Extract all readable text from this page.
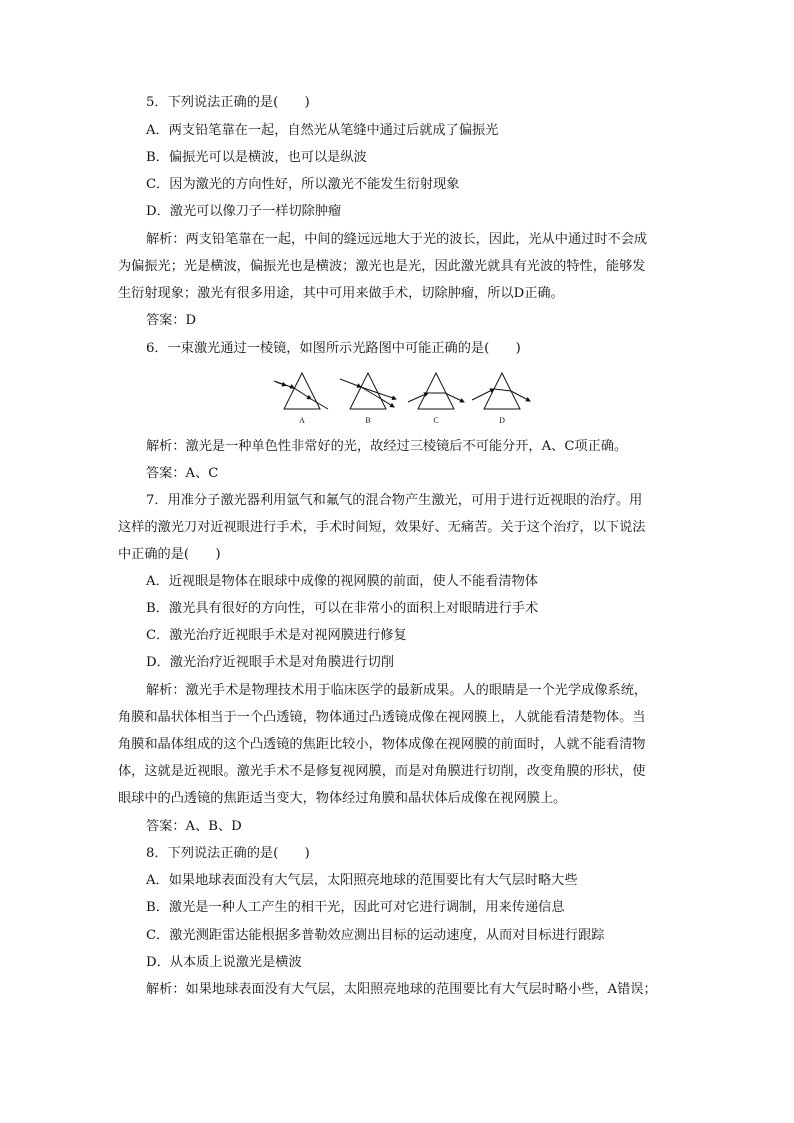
5．下列说法正确的是(　　)
A．两支铅笔靠在一起，自然光从笔缝中通过后就成了偏振光
B．偏振光可以是横波，也可以是纵波
C．因为激光的方向性好，所以激光不能发生衍射现象
D．激光可以像刀子一样切除肿瘤
解析：两支铅笔靠在一起，中间的缝远远地大于光的波长，因此，光从中通过时不会成
为偏振光；光是横波，偏振光也是横波；激光也是光，因此激光就具有光波的特性，能够发
生衍射现象；激光有很多用途，其中可用来做手术，切除肿瘤，所以D正确。
答案：D
6．一束激光通过一棱镜，如图所示光路图中可能正确的是(　　)
A	B	C	D
解析：激光是一种单色性非常好的光，故经过三棱镜后不可能分开，A、C项正确。
答案：A、C
7．用准分子激光器利用氩气和氟气的混合物产生激光，可用于进行近视眼的治疗。用
这样的激光刀对近视眼进行手术，手术时间短，效果好、无痛苦。关于这个治疗，以下说法
中正确的是(　　)
A．近视眼是物体在眼球中成像的视网膜的前面，使人不能看清物体
B．激光具有很好的方向性，可以在非常小的面积上对眼睛进行手术
C．激光治疗近视眼手术是对视网膜进行修复
D．激光治疗近视眼手术是对角膜进行切削
解析：激光手术是物理技术用于临床医学的最新成果。人的眼睛是一个光学成像系统，
角膜和晶状体相当于一个凸透镜，物体通过凸透镜成像在视网膜上，人就能看清楚物体。当
角膜和晶体组成的这个凸透镜的焦距比较小，物体成像在视网膜的前面时，人就不能看清物
体，这就是近视眼。激光手术不是修复视网膜，而是对角膜进行切削，改变角膜的形状，使
眼球中的凸透镜的焦距适当变大，物体经过角膜和晶状体后成像在视网膜上。
答案：A、B、D
8．下列说法正确的是(　　)
A．如果地球表面没有大气层，太阳照亮地球的范围要比有大气层时略大些
B．激光是一种人工产生的相干光，因此可对它进行调制，用来传递信息
C．激光测距雷达能根据多普勒效应测出目标的运动速度，从而对目标进行跟踪
D．从本质上说激光是横波
解析：如果地球表面没有大气层，太阳照亮地球的范围要比有大气层时略小些，A错误；
